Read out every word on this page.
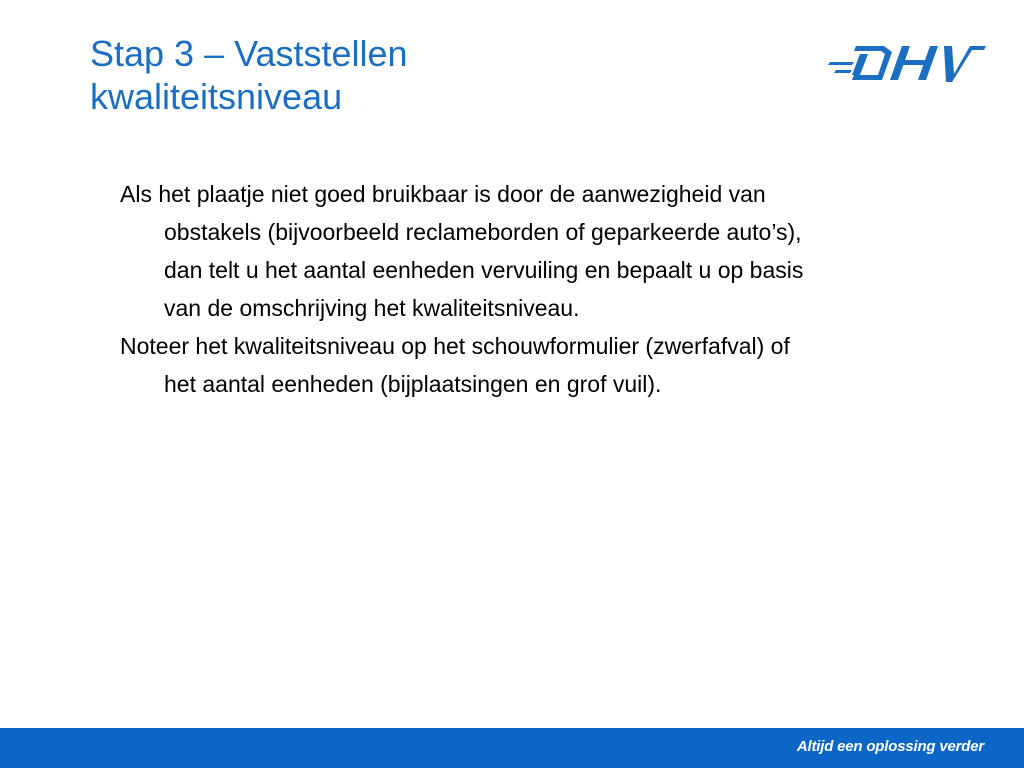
Stap 3 – Vaststellen
kwaliteitsniveau

Als het plaatje niet goed bruikbaar is door de aanwezigheid van obstakels (bijvoorbeeld reclameborden of geparkeerde auto’s), dan telt u het aantal eenheden vervuiling en bepaalt u op basis van de omschrijving het kwaliteitsniveau.

Noteer het kwaliteitsniveau op het schouwformulier (zwerfafval) of het aantal eenheden (bijplaatsingen en grof vuil).

Altijd een oplossing verder
